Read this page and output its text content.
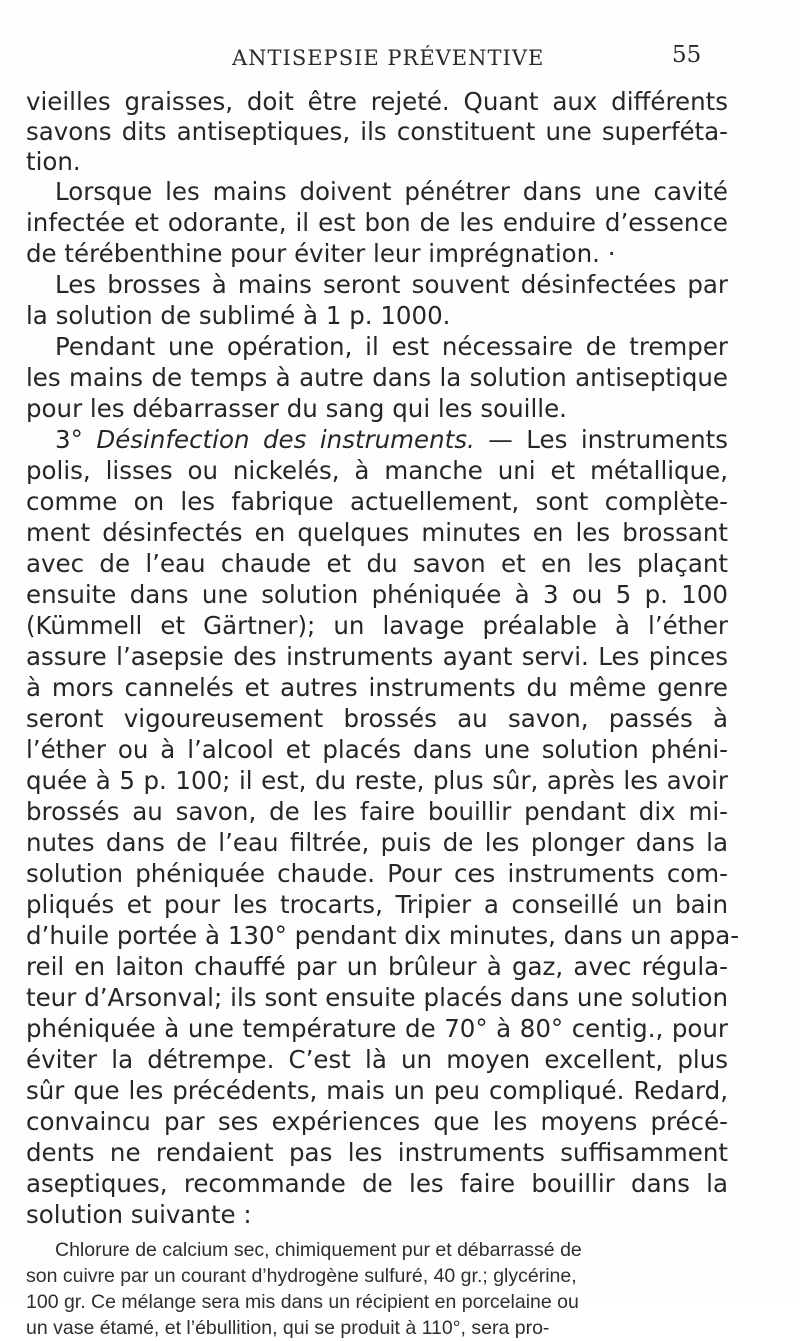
ANTISEPSIE PRÉVENTIVE	55
vieilles graisses, doit être rejeté. Quant aux différents
savons dits antiseptiques, ils constituent une superféta-
tion.
Lorsque les mains doivent pénétrer dans une cavité
infectée et odorante, il est bon de les enduire d’essence
de térébenthine pour éviter leur imprégnation. ·
Les brosses à mains seront souvent désinfectées par
la solution de sublimé à 1 p. 1000.
Pendant une opération, il est nécessaire de tremper
les mains de temps à autre dans la solution antiseptique
pour les débarrasser du sang qui les souille.
3° Désinfection des instruments. — Les instruments
polis, lisses ou nickelés, à manche uni et métallique,
comme on les fabrique actuellement, sont complète-
ment désinfectés en quelques minutes en les brossant
avec de l’eau chaude et du savon et en les plaçant
ensuite dans une solution phéniquée à 3 ou 5 p. 100
(Kümmell et Gärtner); un lavage préalable à l’éther
assure l’asepsie des instruments ayant servi. Les pinces
à mors cannelés et autres instruments du même genre
seront vigoureusement brossés au savon, passés à
l’éther ou à l’alcool et placés dans une solution phéni-
quée à 5 p. 100; il est, du reste, plus sûr, après les avoir
brossés au savon, de les faire bouillir pendant dix mi-
nutes dans de l’eau filtrée, puis de les plonger dans la
solution phéniquée chaude. Pour ces instruments com-
pliqués et pour les trocarts, Tripier a conseillé un bain
d’huile portée à 130° pendant dix minutes, dans un appa-
reil en laiton chauffé par un brûleur à gaz, avec régula-
teur d’Arsonval; ils sont ensuite placés dans une solution
phéniquée à une température de 70° à 80° centig., pour
éviter la détrempe. C’est là un moyen excellent, plus
sûr que les précédents, mais un peu compliqué. Redard,
convaincu par ses expériences que les moyens précé-
dents ne rendaient pas les instruments suffisamment
aseptiques, recommande de les faire bouillir dans la
solution suivante :
Chlorure de calcium sec, chimiquement pur et débarrassé de
son cuivre par un courant d’hydrogène sulfuré, 40 gr.; glycérine,
100 gr. Ce mélange sera mis dans un récipient en porcelaine ou
un vase étamé, et l’ébullition, qui se produit à 110°, sera pro-
